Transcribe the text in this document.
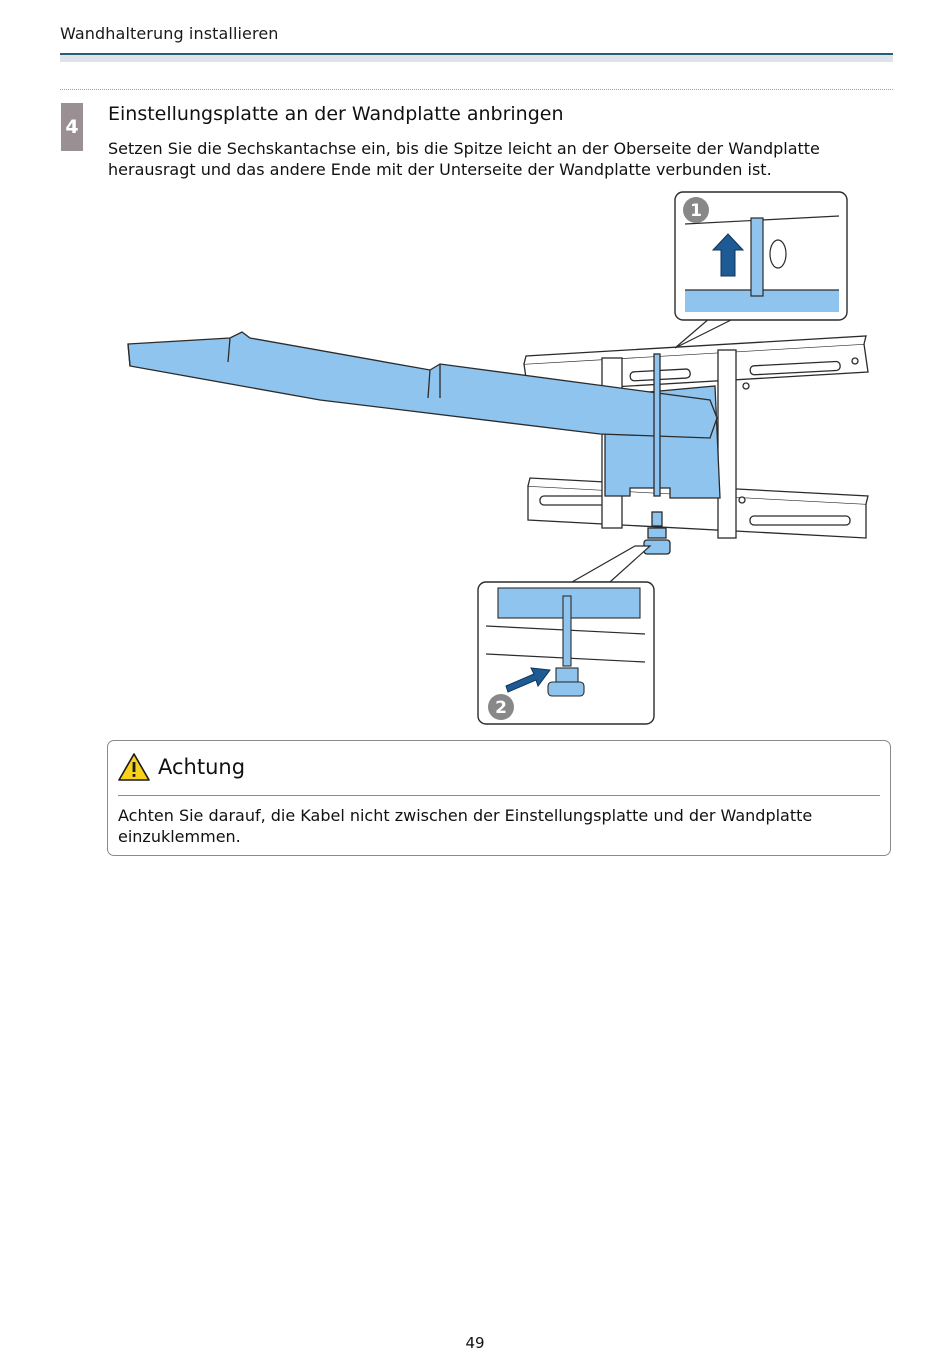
Wandhalterung installieren
4
Einstellungsplatte an der Wandplatte anbringen
Setzen Sie die Sechskantachse ein, bis die Spitze leicht an der Oberseite der Wandplatte herausragt und das andere Ende mit der Unterseite der Wandplatte verbunden ist.
1
2
Achtung
Achten Sie darauf, die Kabel nicht zwischen der Einstellungsplatte und der Wandplatte einzuklemmen.
49
